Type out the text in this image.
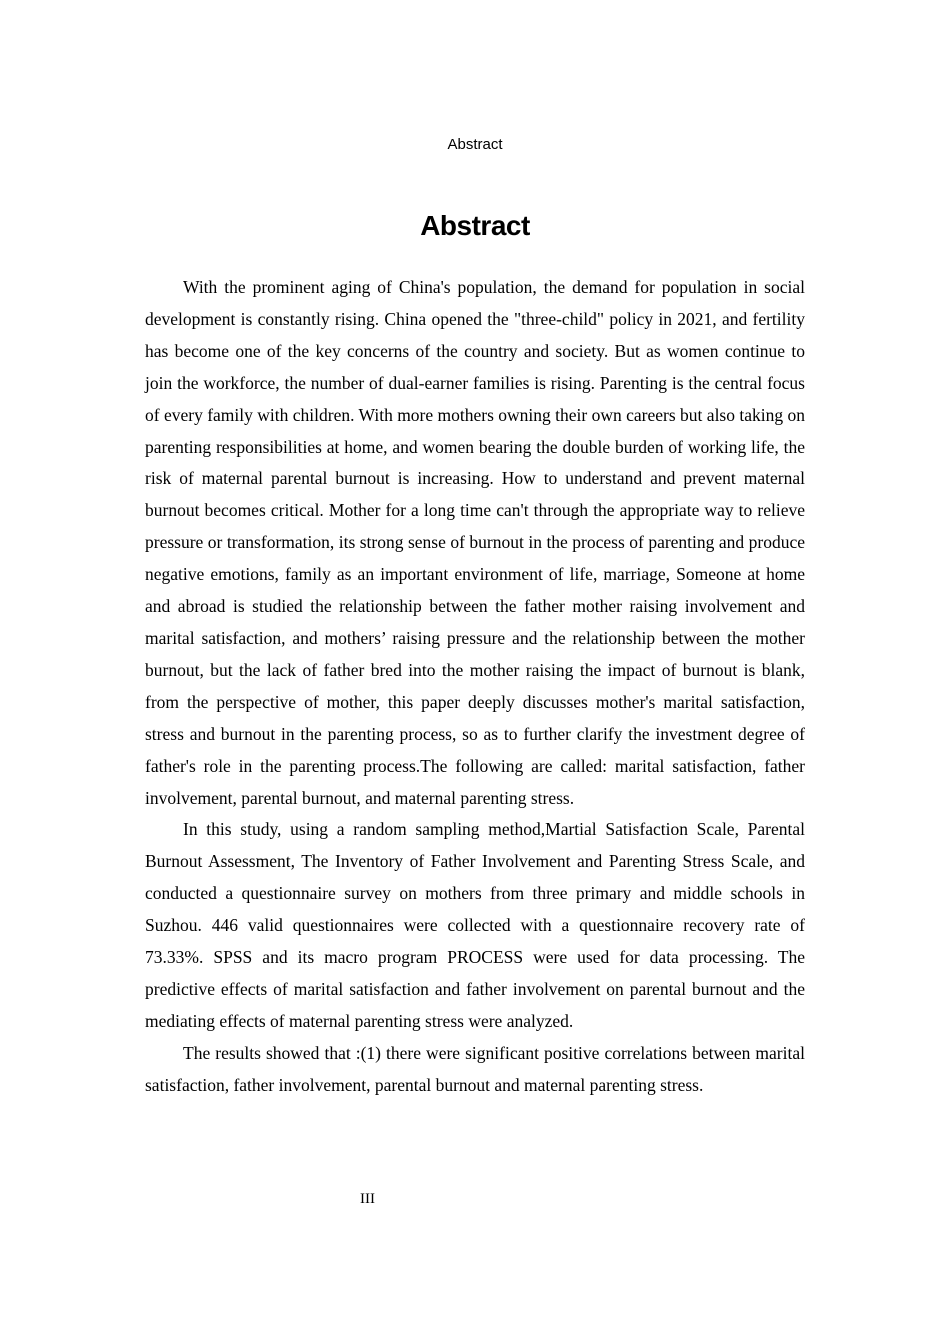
Abstract
Abstract

With the prominent aging of China's population, the demand for population in social development is constantly rising. China opened the "three-child" policy in 2021, and fertility has become one of the key concerns of the country and society. But as women continue to join the workforce, the number of dual-earner families is rising. Parenting is the central focus of every family with children. With more mothers owning their own careers but also taking on parenting responsibilities at home, and women bearing the double burden of working life, the risk of maternal parental burnout is increasing. How to understand and prevent maternal burnout becomes critical. Mother for a long time can't through the appropriate way to relieve pressure or transformation, its strong sense of burnout in the process of parenting and produce negative emotions, family as an important environment of life, marriage, Someone at home and abroad is studied the relationship between the father mother raising involvement and marital satisfaction, and mothers’ raising pressure and the relationship between the mother burnout, but the lack of father bred into the mother raising the impact of burnout is blank, from the perspective of mother, this paper deeply discusses mother's marital satisfaction, stress and burnout in the parenting process, so as to further clarify the investment degree of father's role in the parenting process.The following are called: marital satisfaction, father involvement, parental burnout, and maternal parenting stress.

In this study, using a random sampling method,Martial Satisfaction Scale, Parental Burnout Assessment, The Inventory of Father Involvement and Parenting Stress Scale, and conducted a questionnaire survey on mothers from three primary and middle schools in Suzhou. 446 valid questionnaires were collected with a questionnaire recovery rate of 73.33%. SPSS and its macro program PROCESS were used for data processing. The predictive effects of marital satisfaction and father involvement on parental burnout and the mediating effects of maternal parenting stress were analyzed.

The results showed that :(1) there were significant positive correlations between marital satisfaction, father involvement, parental burnout and maternal parenting stress.

III
